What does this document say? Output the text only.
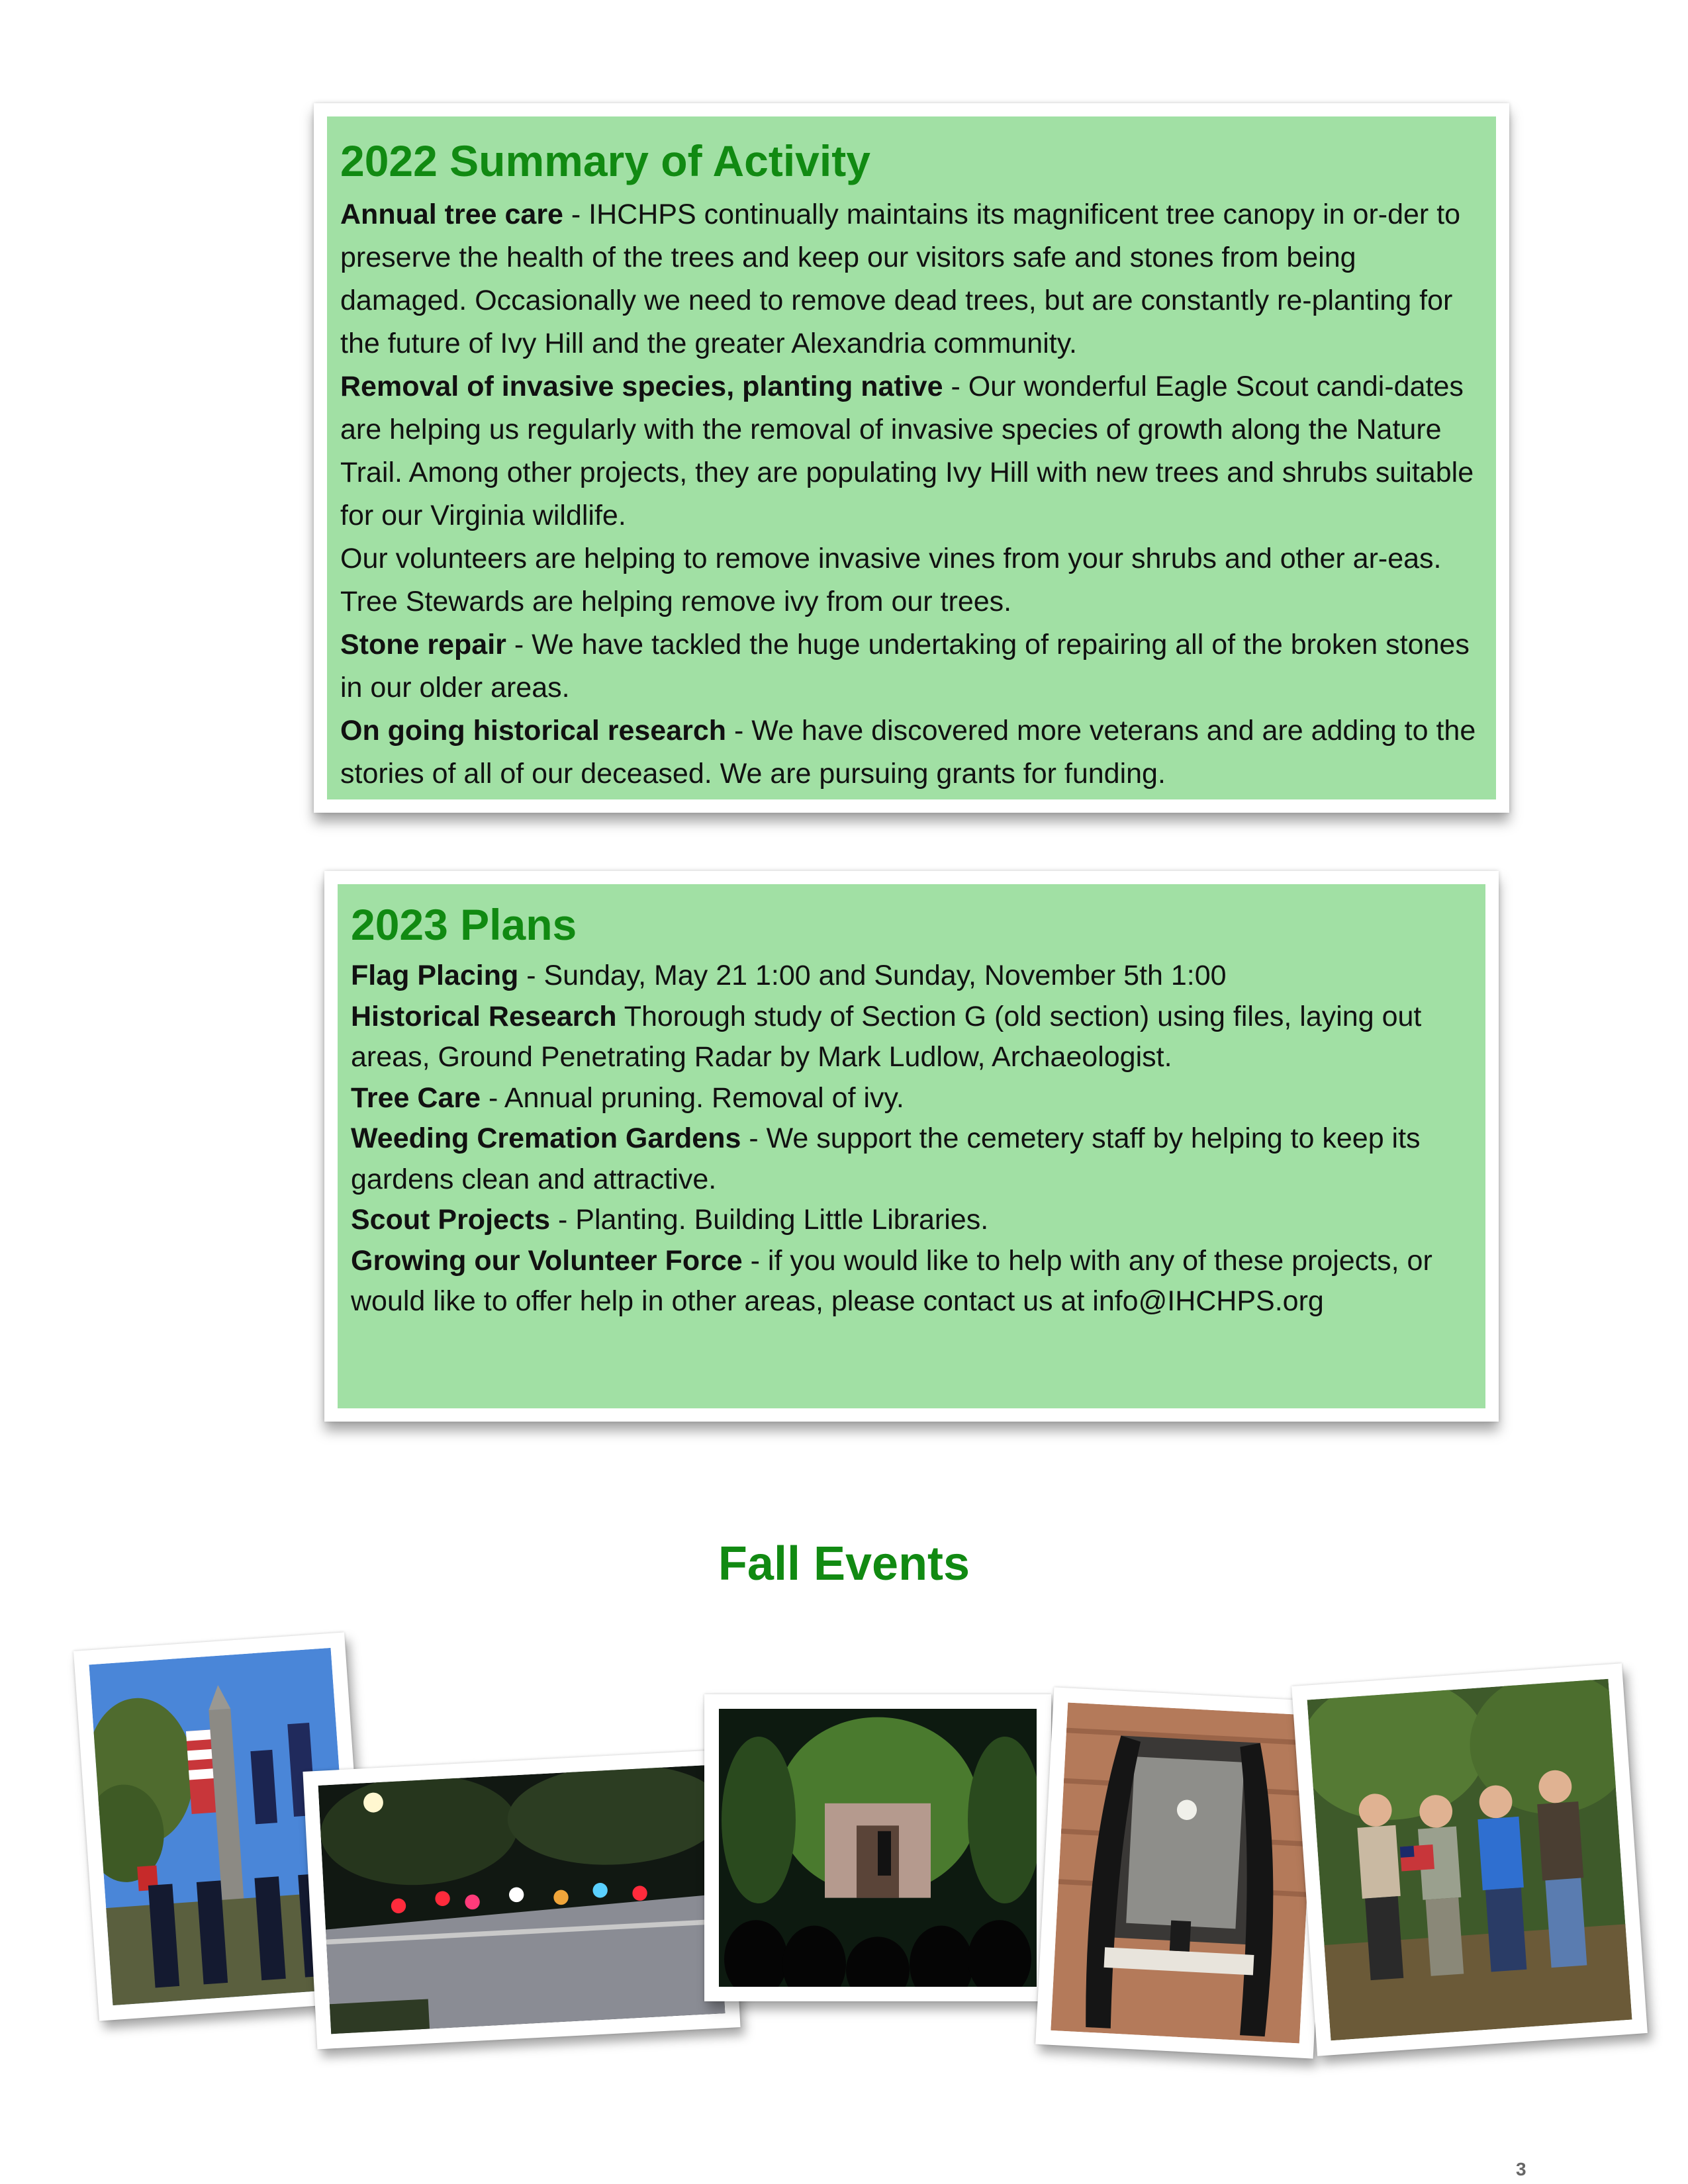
2022 Summary of Activity

Annual tree care - IHCHPS continually maintains its magnificent tree canopy in or-der to preserve the health of the trees and keep our visitors safe and stones from being damaged. Occasionally we need to remove dead trees, but are constantly re-planting for the future of Ivy Hill and the greater Alexandria community.

Removal of invasive species, planting native - Our wonderful Eagle Scout candi-dates are helping us regularly with the removal of invasive species of growth along the Nature Trail. Among other projects, they are populating Ivy Hill with new trees and shrubs suitable for our Virginia wildlife.

Our volunteers are helping to remove invasive vines from your shrubs and other ar-eas. Tree Stewards are helping remove ivy from our trees.

Stone repair - We have tackled the huge undertaking of repairing all of the broken stones in our older areas.

On going historical research - We have discovered more veterans and are adding to the stories of all of our deceased. We are pursuing grants for funding.

2023 Plans

Flag Placing - Sunday, May 21 1:00 and Sunday, November 5th 1:00

Historical Research Thorough study of Section G (old section) using files, laying out areas, Ground Penetrating Radar by Mark Ludlow, Archaeologist.

Tree Care - Annual pruning. Removal of ivy.

Weeding Cremation Gardens - We support the cemetery staff by helping to keep its gardens clean and attractive.

Scout Projects - Planting. Building Little Libraries.

Growing our Volunteer Force - if you would like to help with any of these projects, or would like to offer help in other areas, please contact us at info@IHCHPS.org

Fall Events

3
